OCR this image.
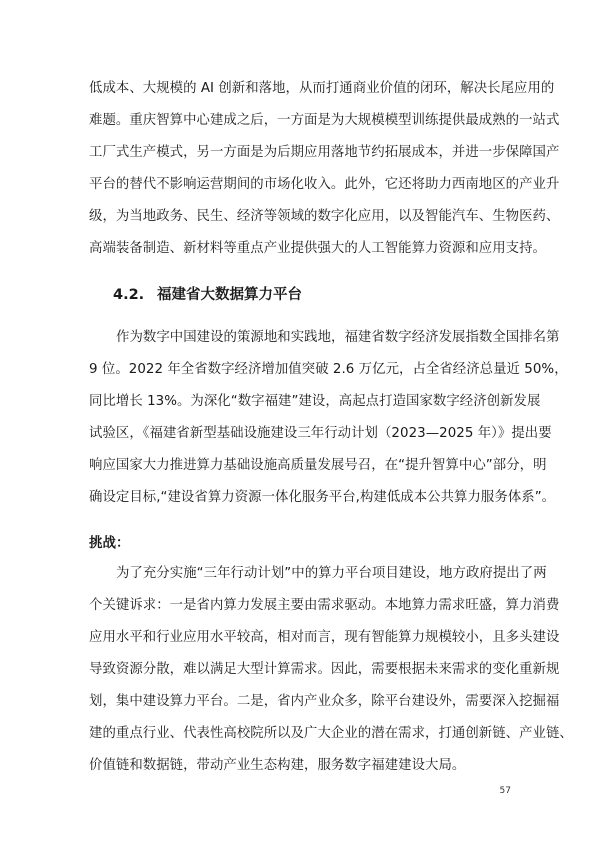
低成本、大规模的 AI 创新和落地，从而打通商业价值的闭环，解决长尾应用的
难题。重庆智算中心建成之后，一方面是为大规模模型训练提供最成熟的一站式
工厂式生产模式，另一方面是为后期应用落地节约拓展成本，并进一步保障国产
平台的替代不影响运营期间的市场化收入。此外，它还将助力西南地区的产业升
级，为当地政务、民生、经济等领域的数字化应用，以及智能汽车、生物医药、
高端装备制造、新材料等重点产业提供强大的人工智能算力资源和应用支持。
4.2. 福建省大数据算力平台
作为数字中国建设的策源地和实践地，福建省数字经济发展指数全国排名第
9 位。2022 年全省数字经济增加值突破 2.6 万亿元，占全省经济总量近 50%，
同比增长 13%。为深化“数字福建”建设，高起点打造国家数字经济创新发展
试验区，《福建省新型基础设施建设三年行动计划（2023—2025 年）》提出要
响应国家大力推进算力基础设施高质量发展号召，在“提升智算中心”部分，明
确设定目标,“建设省算力资源一体化服务平台,构建低成本公共算力服务体系”。
挑战：
为了充分实施“三年行动计划”中的算力平台项目建设，地方政府提出了两
个关键诉求：一是省内算力发展主要由需求驱动。本地算力需求旺盛，算力消费
应用水平和行业应用水平较高，相对而言，现有智能算力规模较小，且多头建设
导致资源分散，难以满足大型计算需求。因此，需要根据未来需求的变化重新规
划，集中建设算力平台。二是，省内产业众多，除平台建设外，需要深入挖掘福
建的重点行业、代表性高校院所以及广大企业的潜在需求，打通创新链、产业链、
价值链和数据链，带动产业生态构建，服务数字福建建设大局。
57
